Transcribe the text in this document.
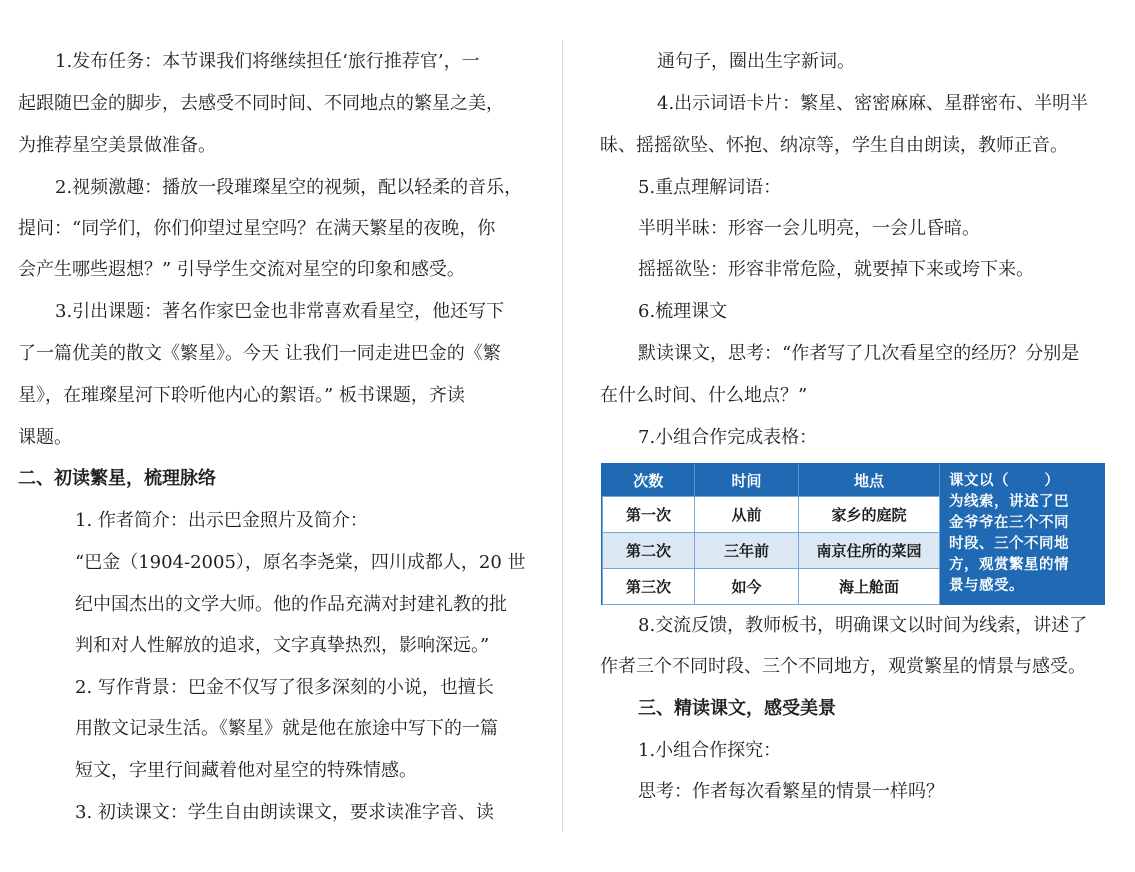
1.发布任务：本节课我们将继续担任‘旅行推荐官’，一
起跟随巴金的脚步，去感受不同时间、不同地点的繁星之美，
为推荐星空美景做准备。
2.视频激趣：播放一段璀璨星空的视频，配以轻柔的音乐，
提问：“同学们，你们仰望过星空吗？在满天繁星的夜晚，你
会产生哪些遐想？” 引导学生交流对星空的印象和感受。
3.引出课题：著名作家巴金也非常喜欢看星空，他还写下
了一篇优美的散文《繁星》。今天 让我们一同走进巴金的《繁
星》，在璀璨星河下聆听他内心的絮语。” 板书课题，齐读
课题。
二、初读繁星，梳理脉络
1. 作者简介：出示巴金照片及简介：
“巴金（1904-2005），原名李尧棠，四川成都人，20 世
纪中国杰出的文学大师。他的作品充满对封建礼教的批
判和对人性解放的追求，文字真挚热烈，影响深远。”
2. 写作背景：巴金不仅写了很多深刻的小说，也擅长
用散文记录生活。《繁星》就是他在旅途中写下的一篇
短文，字里行间藏着他对星空的特殊情感。
3. 初读课文：学生自由朗读课文，要求读准字音、读
通句子，圈出生字新词。
4.出示词语卡片：繁星、密密麻麻、星群密布、半明半
昧、摇摇欲坠、怀抱、纳凉等，学生自由朗读，教师正音。
5.重点理解词语：
半明半昧：形容一会儿明亮，一会儿昏暗。
摇摇欲坠：形容非常危险，就要掉下来或垮下来。
6.梳理课文
默读课文，思考：“作者写了几次看星空的经历？分别是
在什么时间、什么地点？”
7.小组合作完成表格：
8.交流反馈，教师板书，明确课文以时间为线索，讲述了
作者三个不同时段、三个不同地方，观赏繁星的情景与感受。
三、精读课文，感受美景
1.小组合作探究：
思考：作者每次看繁星的情景一样吗？
次数	时间	地点
第一次	从前	家乡的庭院
第二次	三年前	南京住所的菜园
第三次	如今	海上舱面
课文以（　　 ）
为线索，讲述了巴
金爷爷在三个不同
时段、三个不同地
方，观赏繁星的情
景与感受。
